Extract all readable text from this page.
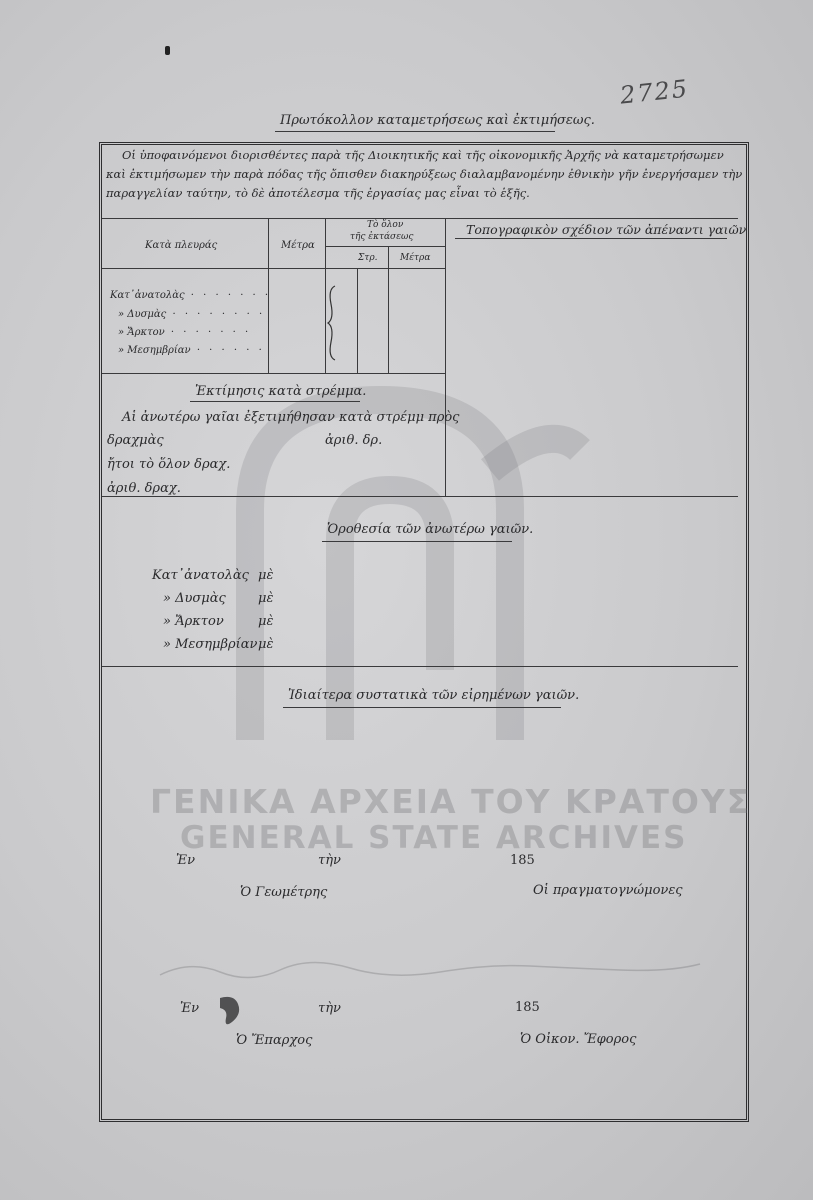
2725
Πρωτόκολλον καταμετρήσεως καὶ ἐκτιμήσεως.
Οἱ ὑποφαινόμενοι διορισθέντες παρὰ τῆς Διοικητικῆς καὶ τῆς οἰκονομικῆς Ἀρχῆς νὰ καταμετρήσωμεν
καὶ ἐκτιμήσωμεν τὴν παρὰ πόδας τῆς ὄπισθεν διακηρύξεως διαλαμβανομένην ἐθνικὴν γῆν ἐνεργήσαμεν τὴν
παραγγελίαν ταύτην, τὸ δὲ ἀποτέλεσμα τῆς ἐργασίας μας εἶναι τὸ ἑξῆς.
Κατὰ πλευράς	Μέτρα
Τὸ ὅλον
τῆς ἐκτάσεως
Στρ.	Μέτρα
Κατ᾽ἀνατολὰς · · · · · · ·
» Δυσμὰς · · · · · · · ·
» Ἄρκτον · · · · · · ·
» Μεσημβρίαν · · · · · ·
Τοπογραφικὸν σχέδιον τῶν ἀπέναντι γαιῶν
Ἐκτίμησις κατὰ στρέμμα.
Αἱ ἀνωτέρω γαῖαι ἐξετιμήθησαν κατὰ στρέμμ πρὸς
δραχμὰς	ἀριθ. δρ.
ἤτοι τὸ ὅλον δραχ.
ἀριθ. δραχ.
Ὁροθεσία τῶν ἀνωτέρω γαιῶν.
Κατ᾽ἀνατολὰς μὲ
» Δυσμὰς μὲ
» Ἄρκτον	μὲ
» Μεσημβρίαν μὲ
Ἰδιαίτερα συστατικὰ τῶν εἰρημένων γαιῶν.
ΓΕΝΙΚΑ ΑΡΧΕΙΑ ΤΟΥ ΚΡΑΤΟΥΣ
GENERAL STATE ARCHIVES
Ἐν	τὴν	185
Ὁ Γεωμέτρης	Οἱ πραγματογνώμονες
Ἐν	τὴν	185
Ὁ Ἔπαρχος	Ὁ Οἰκον. Ἔφορος
